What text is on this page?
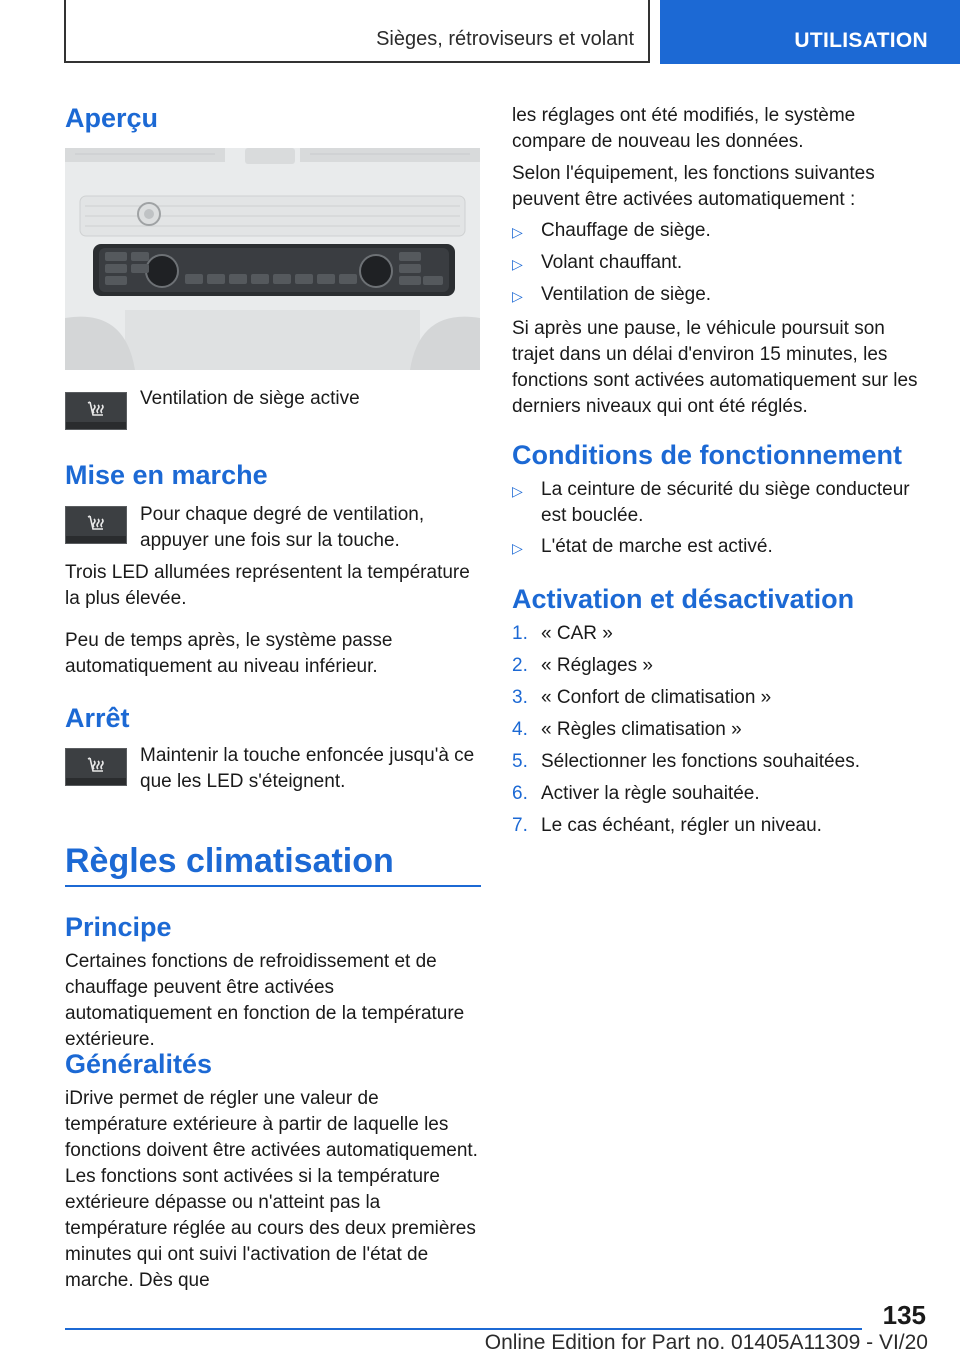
Sièges, rétroviseurs et volant	UTILISATION
Aperçu

Ventilation de siège active

Mise en marche

Pour chaque degré de ventilation, appuyer une fois sur la touche.

Trois LED allumées représentent la température la plus élevée.

Peu de temps après, le système passe automatiquement au niveau inférieur.

Arrêt

Maintenir la touche enfoncée jusqu'à ce que les LED s'éteignent.

Règles climatisation
Principe

Certaines fonctions de refroidissement et de chauffage peuvent être activées automatiquement en fonction de la température extérieure.

Généralités

iDrive permet de régler une valeur de température extérieure à partir de laquelle les fonctions doivent être activées automatiquement.

Les fonctions sont activées si la température extérieure dépasse ou n'atteint pas la température réglée au cours des deux premières minutes qui ont suivi l'activation de l'état de marche. Dès que

les réglages ont été modifiés, le système compare de nouveau les données.

Selon l'équipement, les fonctions suivantes peuvent être activées automatiquement :

▷ Chauffage de siège.
▷ Volant chauffant.
▷ Ventilation de siège.

Si après une pause, le véhicule poursuit son trajet dans un délai d'environ 15 minutes, les fonctions sont activées automatiquement sur les derniers niveaux qui ont été réglés.

Conditions de fonctionnement
▷ La ceinture de sécurité du siège conducteur est bouclée.
▷ L'état de marche est activé.
Activation et désactivation
1. « CAR »
2. « Réglages »
3. « Confort de climatisation »
4. « Règles climatisation »
5. Sélectionner les fonctions souhaitées.
6. Activer la règle souhaitée.
7. Le cas échéant, régler un niveau.
135
Online Edition for Part no. 01405A11309 - VI/20
